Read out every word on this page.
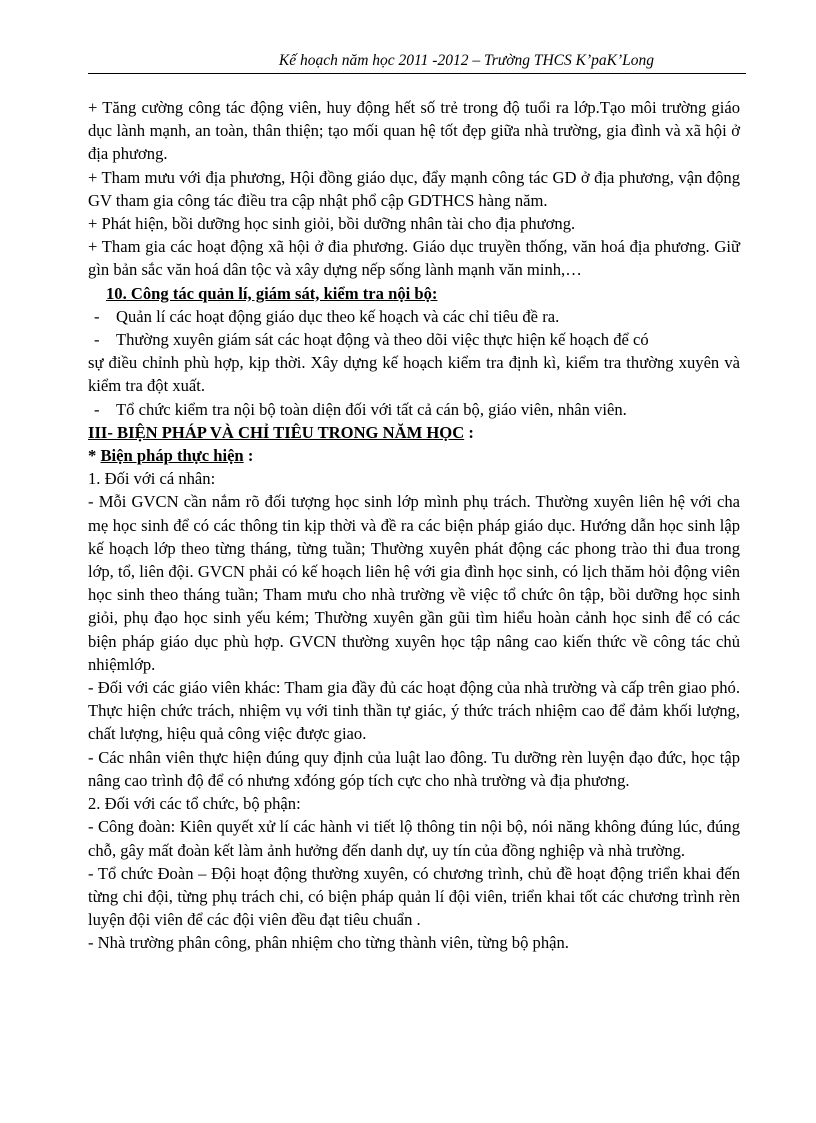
Kế hoạch năm học 2011 -2012 – Trường THCS K’paK’Long

+ Tăng cường công tác động viên, huy động hết số trẻ trong độ tuổi ra lớp.Tạo môi trường giáo dục lành mạnh, an toàn, thân thiện; tạo mối quan hệ tốt đẹp giữa nhà trường, gia đình và xã hội ở địa phương.

+ Tham mưu với địa phương, Hội đồng giáo dục, đẩy mạnh công tác GD ở địa phương, vận động GV tham gia công tác điều tra cập nhật phổ cập GDTHCS hàng năm.

+ Phát hiện, bồi dưỡng học sinh giỏi, bồi dưỡng nhân tài cho địa phương.

+ Tham gia các hoạt động xã hội ở đia phương. Giáo dục truyền thống, văn hoá địa phương. Giữ gìn bản sắc văn hoá dân tộc và xây dựng nếp sống lành mạnh văn minh,…

10. Công tác quản lí, giám sát, kiểm tra nội bộ:

- Quản lí các hoạt động giáo dục theo kế hoạch và các chỉ tiêu đề ra.
- Thường xuyên giám sát các hoạt động và theo dõi việc thực hiện kế hoạch để có

sự điều chỉnh phù hợp, kịp thời. Xây dựng kế hoạch kiểm tra định kì, kiểm tra thường xuyên và kiểm tra đột xuất.

- Tổ chức kiểm tra nội bộ toàn diện đối với tất cả cán bộ, giáo viên, nhân viên.

III- BIỆN PHÁP VÀ CHỈ TIÊU TRONG NĂM HỌC :

* Biện pháp thực hiện :

1. Đối với cá nhân:

- Mỗi GVCN cần nắm rõ đối tượng học sinh lớp mình phụ trách. Thường xuyên liên hệ với cha mẹ học sinh để có các thông tin kịp thời và đề ra các biện pháp giáo dục. Hướng dẫn học sinh lập kế hoạch lớp theo từng tháng, từng tuần; Thường xuyên phát động các phong trào thi đua trong lớp, tổ, liên đội. GVCN phải có kế hoạch liên hệ với gia đình học sinh, có lịch thăm hỏi động viên học sinh theo tháng tuần; Tham mưu cho nhà trường về việc tổ chức ôn tập, bồi dưỡng học sinh giỏi, phụ đạo học sinh yếu kém; Thường xuyên gần gũi tìm hiểu hoàn cảnh học sinh để có các biện pháp giáo dục phù hợp. GVCN thường xuyên học tập nâng cao kiến thức về công tác chủ nhiệmlớp.

- Đối với các giáo viên khác: Tham gia đầy đủ các hoạt động của nhà trường và cấp trên giao phó. Thực hiện chức trách, nhiệm vụ với tinh thần tự giác, ý thức trách nhiệm cao để đảm khối lượng, chất lượng, hiệu quả công việc được giao.

- Các nhân viên thực hiện đúng quy định của luật lao đông. Tu dưỡng rèn luyện đạo đức, học tập nâng cao trình độ để có nhưng xđóng góp tích cực cho nhà trường và địa phương.

2. Đối với các tổ chức, bộ phận:

- Công đoàn: Kiên quyết xử lí các hành vi tiết lộ thông tin nội bộ, nói năng không đúng lúc, đúng chỗ, gây mất đoàn kết làm ảnh hưởng đến danh dự, uy tín của đồng nghiệp và nhà trường.

- Tổ chức Đoàn – Đội hoạt động thường xuyên, có chương trình, chủ đề hoạt động triển khai đến từng chi đội, từng phụ trách chi, có biện pháp quản lí đội viên, triển khai tốt các chương trình rèn luyện đội viên để các đội viên đều đạt tiêu chuẩn .

- Nhà trường phân công, phân nhiệm cho từng thành viên, từng bộ phận.
